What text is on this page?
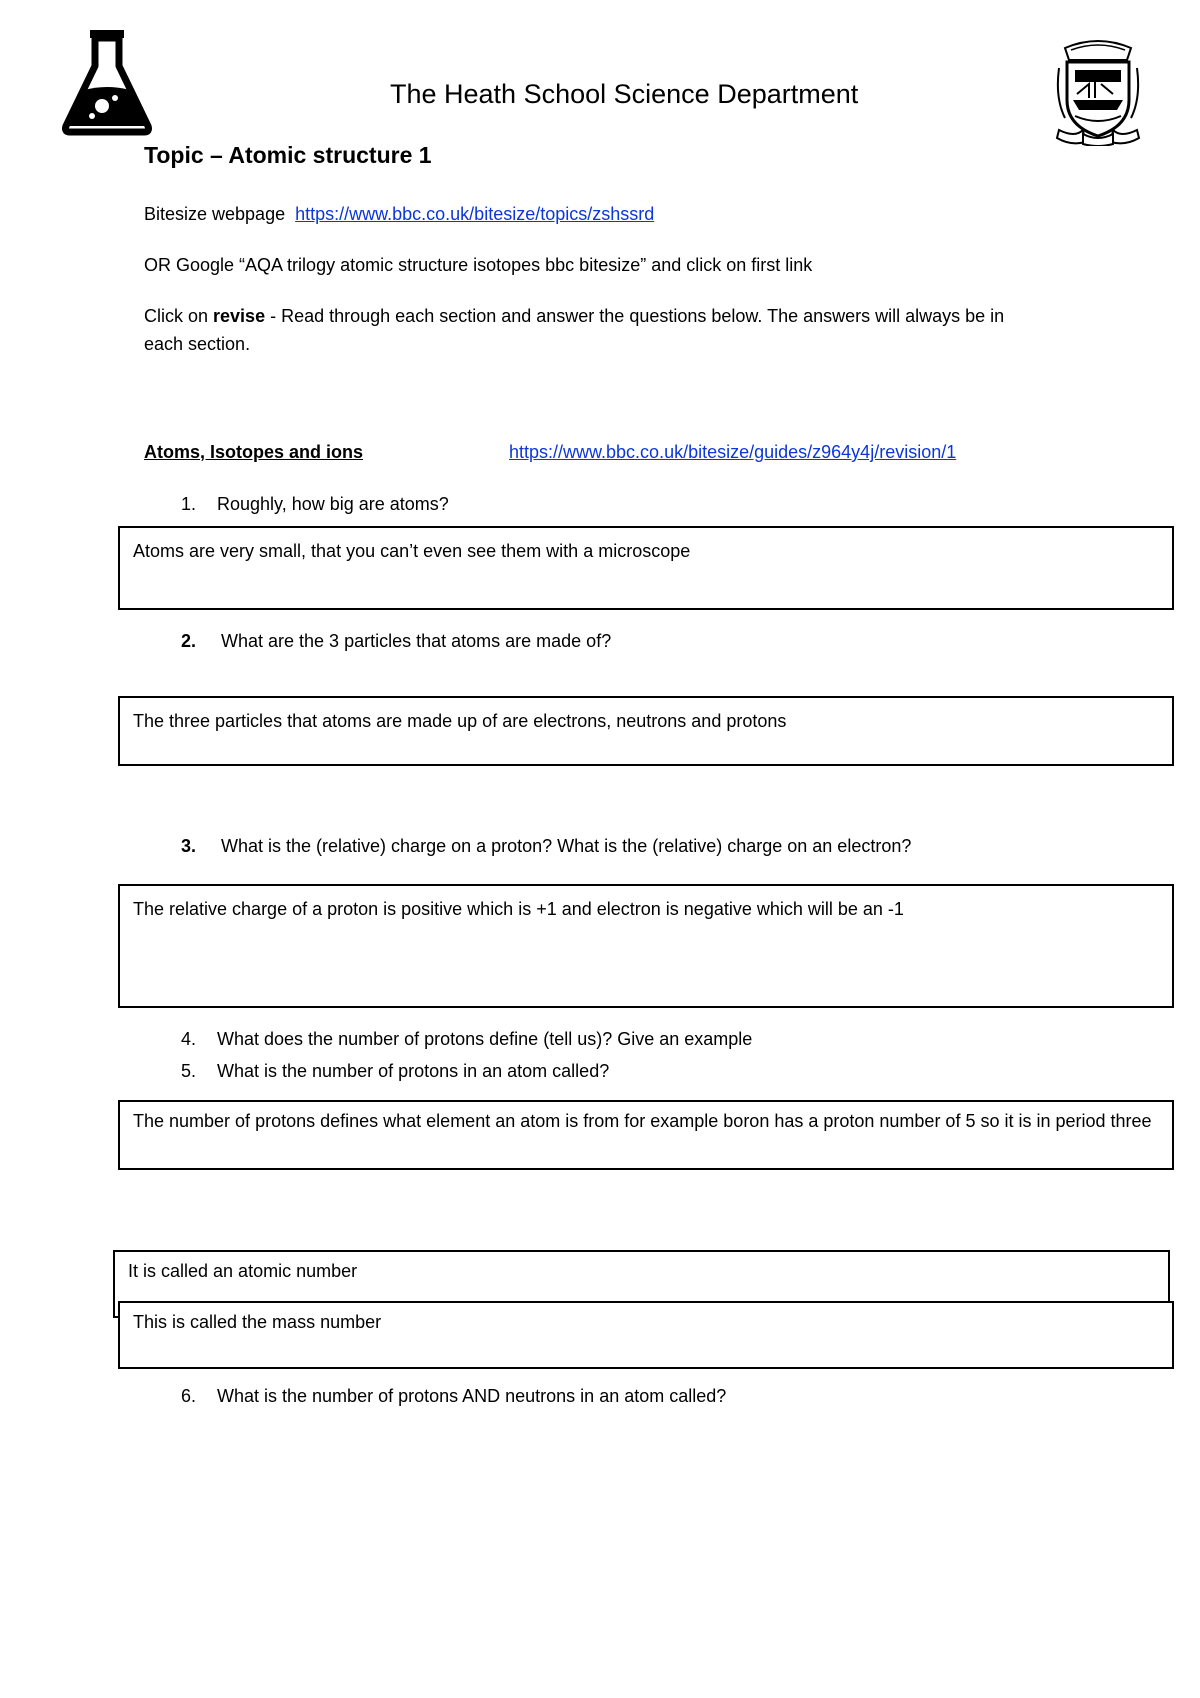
The Heath School Science Department
Topic – Atomic structure 1
Bitesize webpage https://www.bbc.co.uk/bitesize/topics/zshssrd
OR Google “AQA trilogy atomic structure isotopes bbc bitesize” and click on first link
Click on revise - Read through each section and answer the questions below. The answers will always be in
each section.
Atoms, Isotopes and ions	https://www.bbc.co.uk/bitesize/guides/z964y4j/revision/1
1. Roughly, how big are atoms?
Atoms are very small, that you can’t even see them with a microscope
2. What are the 3 particles that atoms are made of?
The three particles that atoms are made up of are electrons, neutrons and protons
3. What is the (relative) charge on a proton? What is the (relative) charge on an electron?
The relative charge of a proton is positive which is +1 and electron is negative which will be an -1
4. What does the number of protons define (tell us)? Give an example
5. What is the number of protons in an atom called?
The number of protons defines what element an atom is from for example boron has a proton number of 5 so it is in period three
It is called an atomic number
This is called the mass number
6. What is the number of protons AND neutrons in an atom called?
